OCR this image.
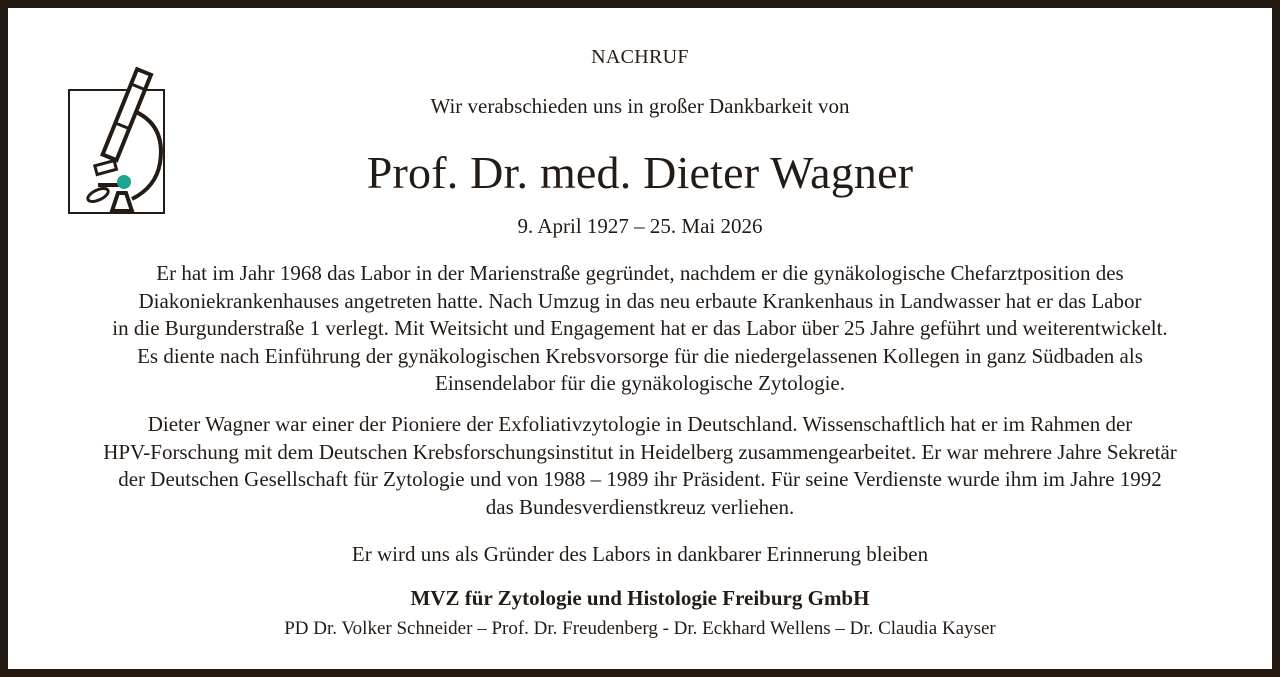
NACHRUF
Wir verabschieden uns in großer Dankbarkeit von
Prof. Dr. med. Dieter Wagner
9. April 1927 – 25. Mai 2026
Er hat im Jahr 1968 das Labor in der Marienstraße gegründet, nachdem er die gynäkologische Chefarztposition des
Diakoniekrankenhauses angetreten hatte. Nach Umzug in das neu erbaute Krankenhaus in Landwasser hat er das Labor
in die Burgunderstraße 1 verlegt. Mit Weitsicht und Engagement hat er das Labor über 25 Jahre geführt und weiterentwickelt.
Es diente nach Einführung der gynäkologischen Krebsvorsorge für die niedergelassenen Kollegen in ganz Südbaden als
Einsendelabor für die gynäkologische Zytologie.
Dieter Wagner war einer der Pioniere der Exfoliativzytologie in Deutschland. Wissenschaftlich hat er im Rahmen der
HPV-Forschung mit dem Deutschen Krebsforschungsinstitut in Heidelberg zusammengearbeitet. Er war mehrere Jahre Sekretär
der Deutschen Gesellschaft für Zytologie und von 1988 – 1989 ihr Präsident. Für seine Verdienste wurde ihm im Jahre 1992
das Bundesverdienstkreuz verliehen.
Er wird uns als Gründer des Labors in dankbarer Erinnerung bleiben
MVZ für Zytologie und Histologie Freiburg GmbH
PD Dr. Volker Schneider – Prof. Dr. Freudenberg - Dr. Eckhard Wellens – Dr. Claudia Kayser
